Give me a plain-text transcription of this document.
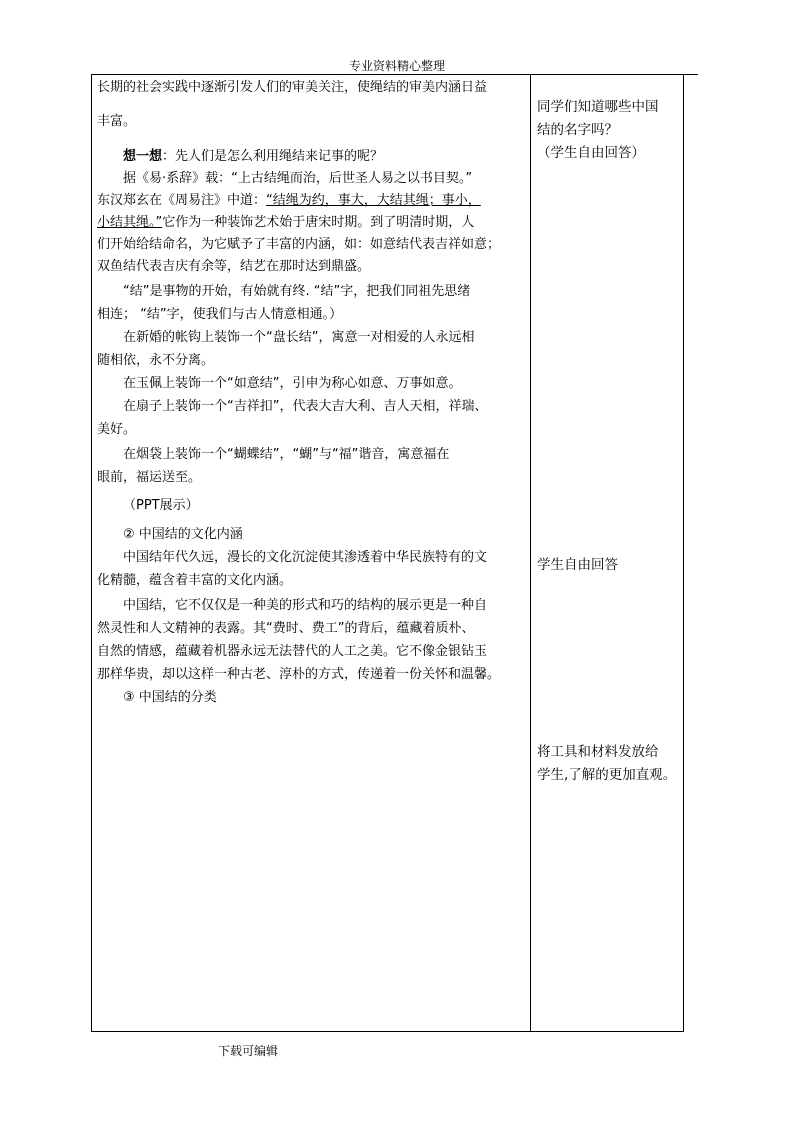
专业资料精心整理

长期的社会实践中逐渐引发人们的审美关注，使绳结的审美内涵日益

丰富。

想一想：先人们是怎么利用绳结来记事的呢？

据《易·系辞》载：“上古结绳而治，后世圣人易之以书目契。”

东汉郑玄在《周易注》中道：“结绳为约，事大，大结其绳；事小，

小结其绳。”它作为一种装饰艺术始于唐宋时期。到了明清时期，人

们开始给结命名，为它赋予了丰富的内涵，如：如意结代表吉祥如意；

双鱼结代表吉庆有余等，结艺在那时达到鼎盛。

“结”是事物的开始，有始就有终. “结”字，把我们同祖先思绪

相连； “结”字，使我们与古人情意相通。）

在新婚的帐钩上装饰一个“盘长结”，寓意一对相爱的人永远相

随相依，永不分离。

在玉佩上装饰一个“如意结”，引申为称心如意、万事如意。

在扇子上装饰一个“吉祥扣”，代表大吉大利、吉人天相，祥瑞、

美好。

在烟袋上装饰一个“蝴蝶结”，“蝴”与“福”谐音，寓意福在

眼前，福运送至。

（PPT展示）

② 中国结的文化内涵

中国结年代久远，漫长的文化沉淀使其渗透着中华民族特有的文

化精髓，蕴含着丰富的文化内涵。

中国结，它不仅仅是一种美的形式和巧的结构的展示更是一种自

然灵性和人文精神的表露。其“费时、费工”的背后，蕴藏着质朴、

自然的情感，蕴藏着机器永远无法替代的人工之美。它不像金银钻玉

那样华贵，却以这样一种古老、淳朴的方式，传递着一份关怀和温馨。

③ 中国结的分类

同学们知道哪些中国
结的名字吗？
（学生自由回答）
学生自由回答
将工具和材料发放给
学生,了解的更加直观。
下载可编辑
